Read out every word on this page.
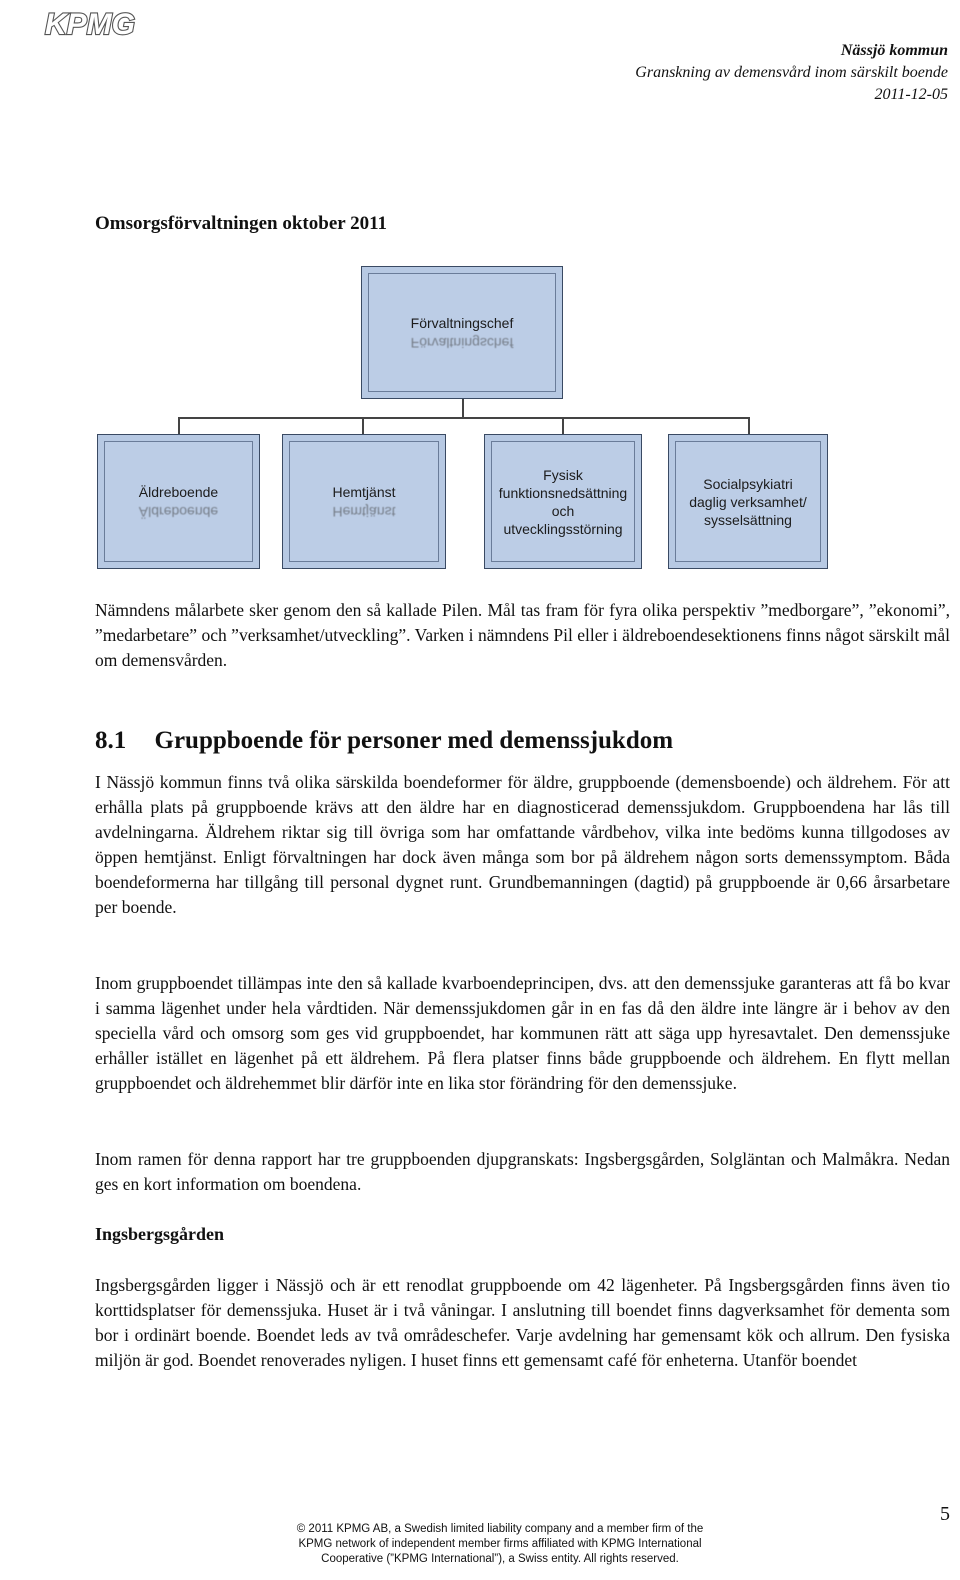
KPMG
Nässjö kommun
Granskning av demensvård inom särskilt boende
2011-12-05
Omsorgsförvaltningen oktober 2011
Förvaltningschef
Förvaltningschef
Äldreboende
Äldreboende
Hemtjänst
Hemtjänst
Fysisk
funktionsnedsättning
och
utvecklingsstörning
Socialpsykiatri
daglig verksamhet/
sysselsättning
Nämndens målarbete sker genom den så kallade Pilen. Mål tas fram för fyra olika perspektiv ”medborgare”, ”ekonomi”, ”medarbetare” och ”verksamhet/utveckling”. Varken i nämndens Pil eller i äldreboendesektionens finns något särskilt mål om demensvården.
8.1 Gruppboende för personer med demenssjukdom
I Nässjö kommun finns två olika särskilda boendeformer för äldre, gruppboende (demensboende) och äldrehem. För att erhålla plats på gruppboende krävs att den äldre har en diagnosticerad demenssjukdom. Gruppboendena har lås till avdelningarna. Äldrehem riktar sig till övriga som har omfattande vårdbehov, vilka inte bedöms kunna tillgodoses av öppen hemtjänst. Enligt förvaltningen har dock även många som bor på äldrehem någon sorts demenssymptom. Båda boendeformerna har tillgång till personal dygnet runt. Grundbemanningen (dagtid) på gruppboende är 0,66 årsarbetare per boende.
Inom gruppboendet tillämpas inte den så kallade kvarboendeprincipen, dvs. att den demenssjuke garanteras att få bo kvar i samma lägenhet under hela vårdtiden. När demenssjukdomen går in en fas då den äldre inte längre är i behov av den speciella vård och omsorg som ges vid gruppboendet, har kommunen rätt att säga upp hyresavtalet. Den demenssjuke erhåller istället en lägenhet på ett äldrehem. På flera platser finns både gruppboende och äldrehem. En flytt mellan gruppboendet och äldrehemmet blir därför inte en lika stor förändring för den demenssjuke.
Inom ramen för denna rapport har tre gruppboenden djupgranskats: Ingsbergsgården, Solgläntan och Malmåkra. Nedan ges en kort information om boendena.
Ingsbergsgården
Ingsbergsgården ligger i Nässjö och är ett renodlat gruppboende om 42 lägenheter. På Ingsbergsgården finns även tio korttidsplatser för demenssjuka. Huset är i två våningar. I anslutning till boendet finns dagverksamhet för dementa som bor i ordinärt boende. Boendet leds av två områdeschefer. Varje avdelning har gemensamt kök och allrum. Den fysiska miljön är god. Boendet renoverades nyligen. I huset finns ett gemensamt café för enheterna. Utanför boendet
5
© 2011 KPMG AB, a Swedish limited liability company and a member firm of the
KPMG network of independent member firms affiliated with KPMG International
Cooperative (”KPMG International”), a Swiss entity. All rights reserved.
